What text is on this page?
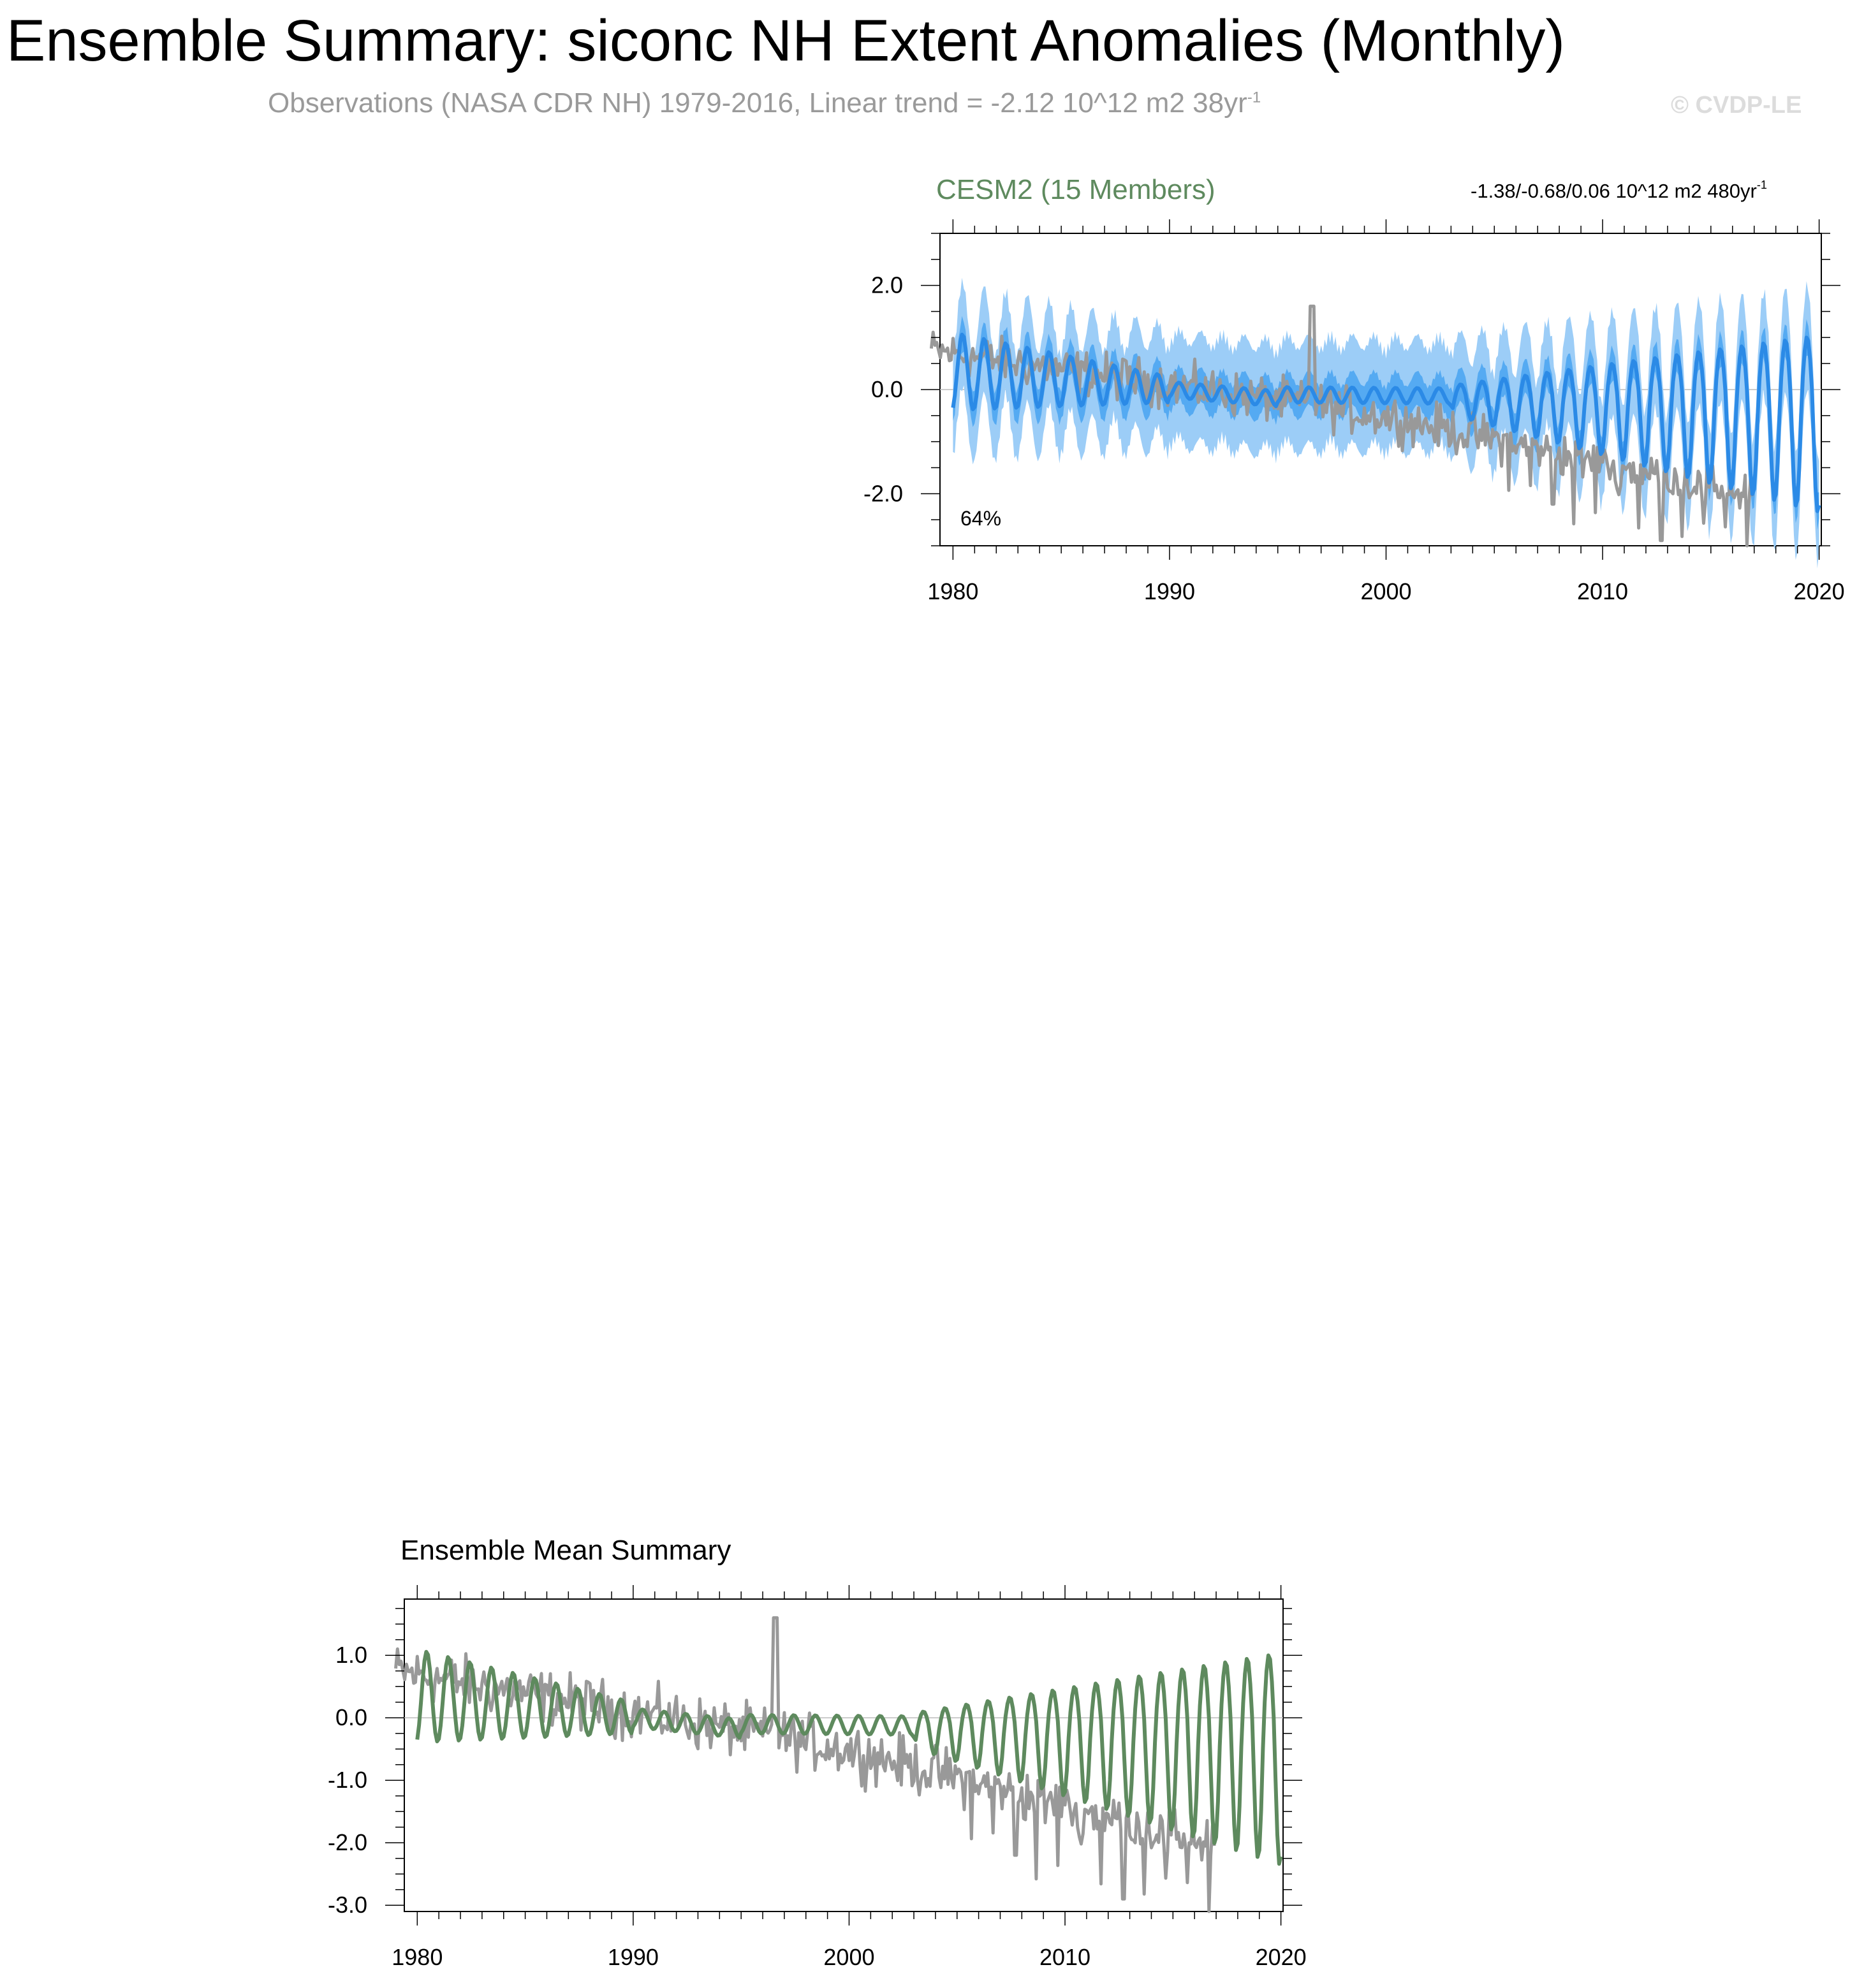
Ensemble Summary: siconc NH Extent Anomalies (Monthly)
Observations (NASA CDR NH) 1979-2016, Linear trend = -2.12 10^12 m2 $38yr^{-1}$	© CVDP-LE
CESM2 (15 Members)	-1.38/-0.68/0.06 10^12 m2 $480yr^{-1}$
64%
1980	1990	2000	2010	2020
2.0
0.0
-2.0
Ensemble Mean Summary
1980	1990	2000	2010	2020
1.0
0.0
-1.0
-2.0
-3.0
